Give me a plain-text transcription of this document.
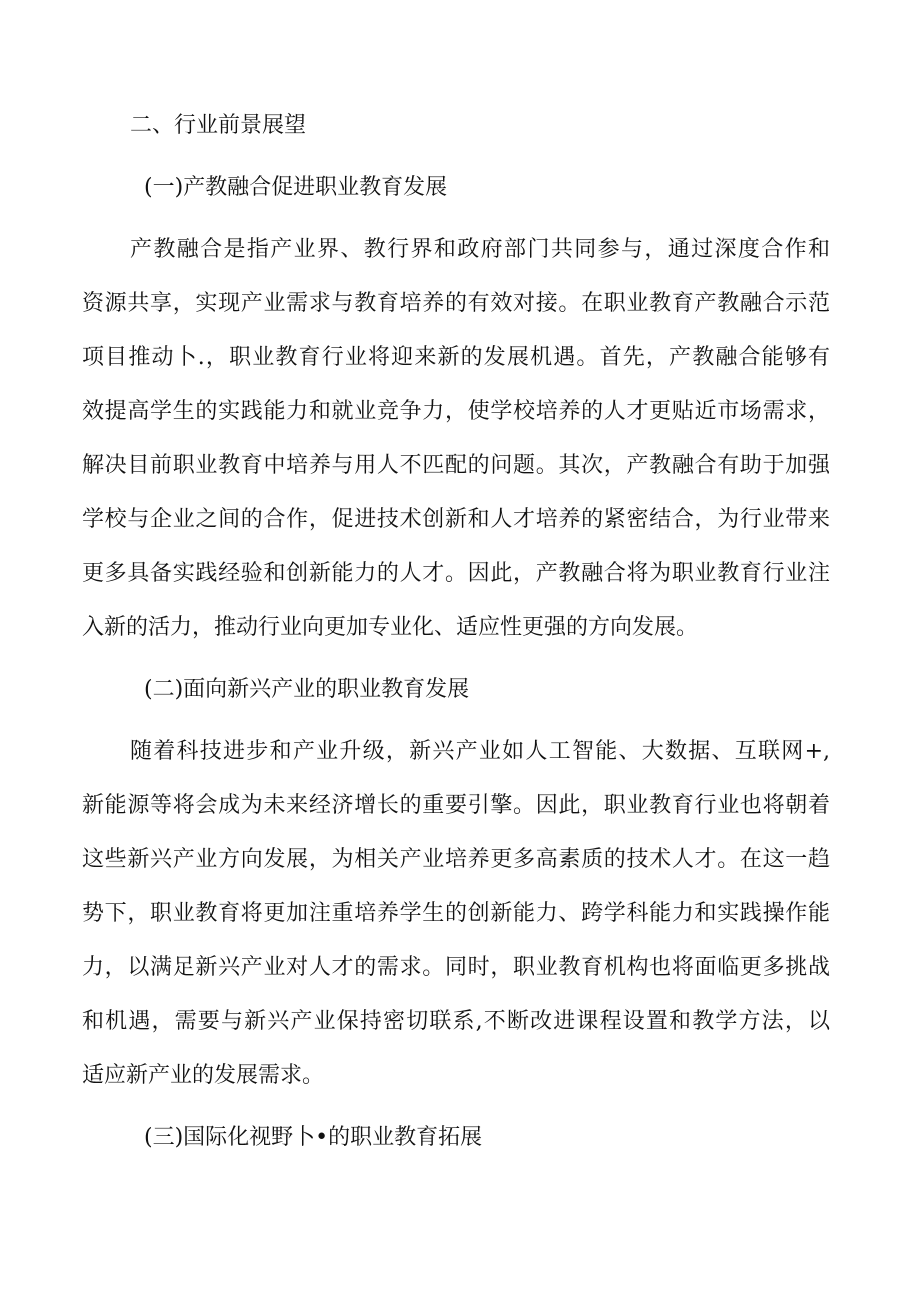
二、行业前景展望
(一)产教融合促进职业教育发展
产教融合是指产业界、教行界和政府部门共同参与，通过深度合作和
资源共享，实现产业需求与教育培养的有效对接。在职业教育产教融合示范
项目推动卜.，职业教育行业将迎来新的发展机遇。首先，产教融合能够有
效提高学生的实践能力和就业竞争力，使学校培养的人才更贴近市场需求，
解决目前职业教育中培养与用人不匹配的问题。其次，产教融合有助于加强
学校与企业之间的合作，促进技术创新和人才培养的紧密结合，为行业带来
更多具备实践经验和创新能力的人才。因此，产教融合将为职业教育行业注
入新的活力，推动行业向更加专业化、适应性更强的方向发展。
(二)面向新兴产业的职业教育发展
随着科技进步和产业升级，新兴产业如人工智能、大数据、互联网+,
新能源等将会成为未来经济增长的重要引擎。因此，职业教育行业也将朝着
这些新兴产业方向发展，为相关产业培养更多高素质的技术人才。在这一趋
势下，职业教育将更加注重培养学生的创新能力、跨学科能力和实践操作能
力，以满足新兴产业对人才的需求。同时，职业教育机构也将面临更多挑战
和机遇，需要与新兴产业保持密切联系,不断改进课程设置和教学方法，以
适应新产业的发展需求。
(三)国际化视野卜•的职业教育拓展
